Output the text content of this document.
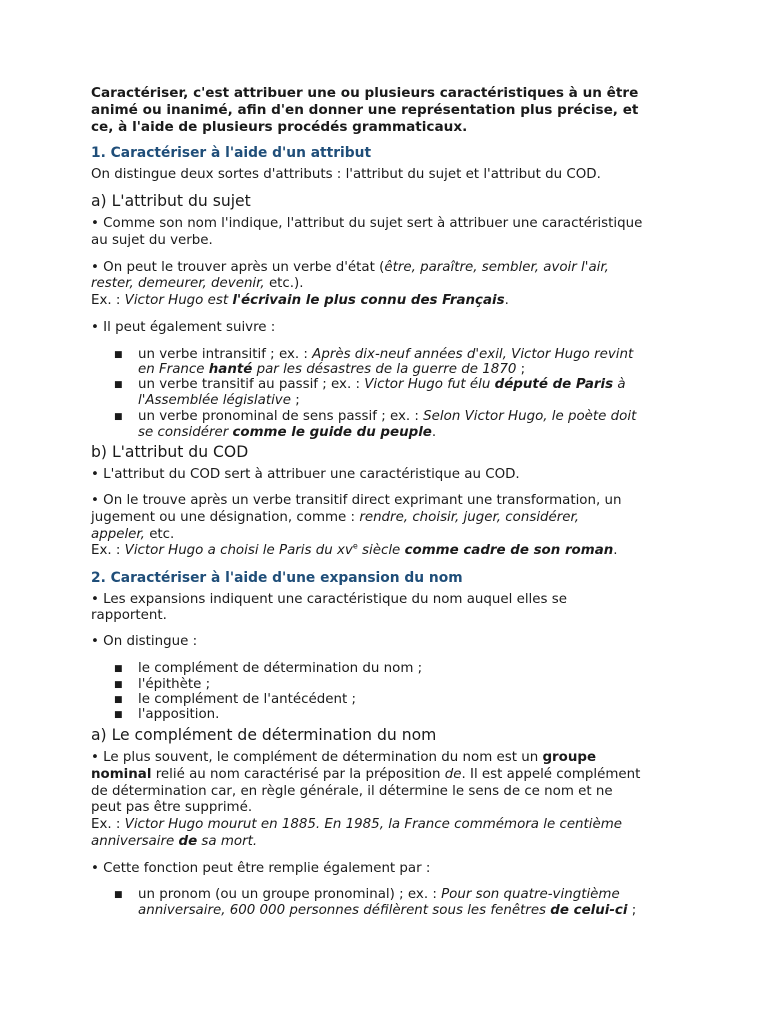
Caractériser, c'est attribuer une ou plusieurs caractéristiques à un être
animé ou inanimé, afin d'en donner une représentation plus précise, et
ce, à l'aide de plusieurs procédés grammaticaux.
1. Caractériser à l'aide d'un attribut
On distingue deux sortes d'attributs : l'attribut du sujet et l'attribut du COD.
a) L'attribut du sujet
• Comme son nom l'indique, l'attribut du sujet sert à attribuer une caractéristique
au sujet du verbe.
• On peut le trouver après un verbe d'état (être, paraître, sembler, avoir l'air,
rester, demeurer, devenir, etc.).
Ex. : Victor Hugo est l'écrivain le plus connu des Français.
• Il peut également suivre :
■ un verbe intransitif ; ex. : Après dix-neuf années d'exil, Victor Hugo revint
en France hanté par les désastres de la guerre de 1870 ;
■ un verbe transitif au passif ; ex. : Victor Hugo fut élu député de Paris à
l'Assemblée législative ;
■ un verbe pronominal de sens passif ; ex. : Selon Victor Hugo, le poète doit
se considérer comme le guide du peuple.
b) L'attribut du COD
• L'attribut du COD sert à attribuer une caractéristique au COD.
• On le trouve après un verbe transitif direct exprimant une transformation, un
jugement ou une désignation, comme : rendre, choisir, juger, considérer,
appeler, etc.
Ex. : Victor Hugo a choisi le Paris du $xv^e$ siècle comme cadre de son roman.
2. Caractériser à l'aide d'une expansion du nom
• Les expansions indiquent une caractéristique du nom auquel elles se
rapportent.
• On distingue :
■ le complément de détermination du nom ;
■ l'épithète ;
■ le complément de l'antécédent ;
■ l'apposition.
a) Le complément de détermination du nom
• Le plus souvent, le complément de détermination du nom est un groupe
nominal relié au nom caractérisé par la préposition de. Il est appelé complément
de détermination car, en règle générale, il détermine le sens de ce nom et ne
peut pas être supprimé.
Ex. : Victor Hugo mourut en 1885. En 1985, la France commémora le centième
anniversaire de sa mort.
• Cette fonction peut être remplie également par :
■ un pronom (ou un groupe pronominal) ; ex. : Pour son quatre-vingtième
anniversaire, 600 000 personnes défilèrent sous les fenêtres de celui-ci ;
